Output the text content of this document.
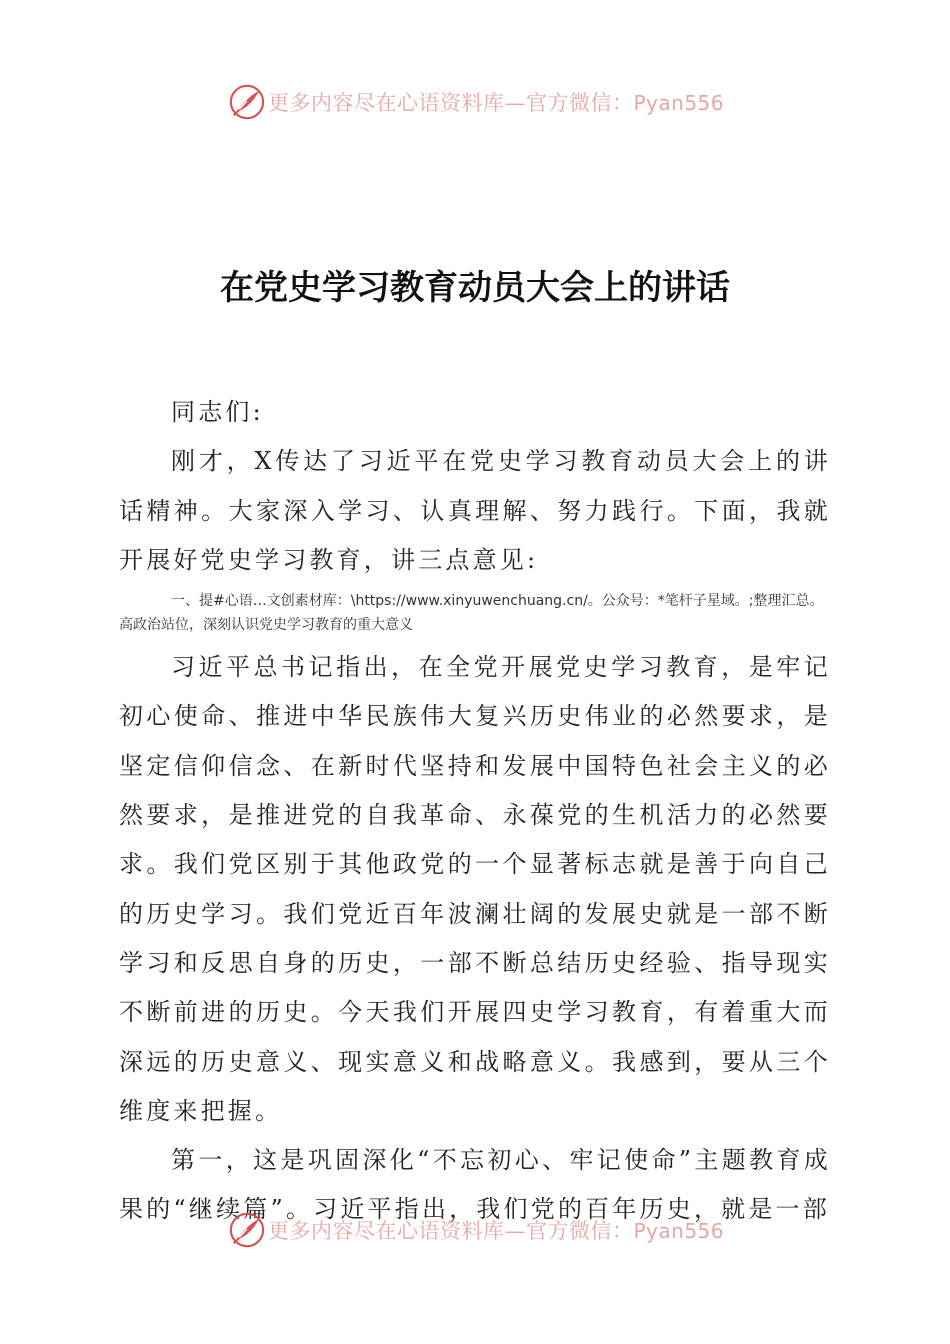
更多内容尽在心语资料库—官方微信：Pyan556
在党史学习教育动员大会上的讲话

同志们:

刚才，X传达了习近平在党史学习教育动员大会上的讲话精神。大家深入学习、认真理解、努力践行。下面，我就开展好党史学习教育，讲三点意见:

一、提#心语…文创素材库：\https://www.xinyuwenchuang.cn/。公众号：*笔杆子星域。;整理汇总。高政治站位，深刻认识党史学习教育的重大意义

习近平总书记指出，在全党开展党史学习教育，是牢记初心使命、推进中华民族伟大复兴历史伟业的必然要求，是坚定信仰信念、在新时代坚持和发展中国特色社会主义的必然要求，是推进党的自我革命、永葆党的生机活力的必然要求。我们党区别于其他政党的一个显著标志就是善于向自己的历史学习。我们党近百年波澜壮阔的发展史就是一部不断学习和反思自身的历史，一部不断总结历史经验、指导现实不断前进的历史。今天我们开展四史学习教育，有着重大而深远的历史意义、现实意义和战略意义。我感到，要从三个维度来把握。

第一，这是巩固深化“不忘初心、牢记使命”主题教育成果的“继续篇”。习近平指出，我们党的百年历史，就是一部

更多内容尽在心语资料库—官方微信：Pyan556
